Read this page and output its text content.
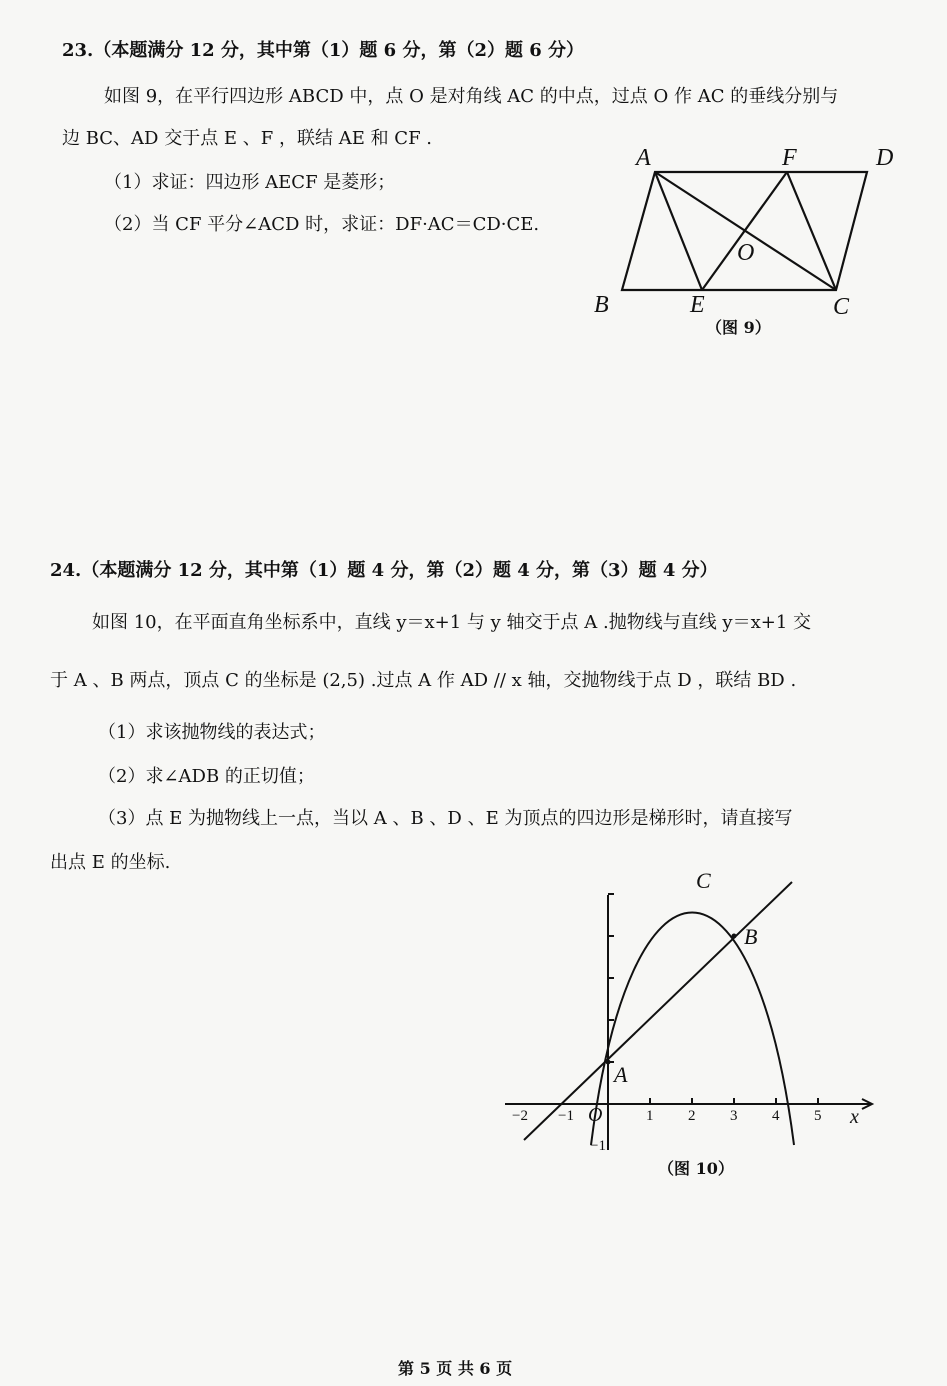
23.（本题满分 12 分，其中第（1）题 6 分，第（2）题 6 分）
如图 9，在平行四边形 ABCD 中，点 O 是对角线 AC 的中点，过点 O 作 AC 的垂线分别与
边 BC、AD 交于点 E 、F ，联结 AE 和 CF .
（1）求证：四边形 AECF 是菱形；
（2）当 CF 平分∠ACD 时，求证：DF·AC＝CD·CE.
A	F	D
O
B	E	C
（图 9）
24.（本题满分 12 分，其中第（1）题 4 分，第（2）题 4 分，第（3）题 4 分）
如图 10，在平面直角坐标系中，直线 y＝x+1 与 y 轴交于点 A .抛物线与直线 y＝x+1 交
于 A 、B 两点，顶点 C 的坐标是 (2,5) .过点 A 作 AD // x 轴，交抛物线于点 D ，联结 BD .
（1）求该抛物线的表达式；
（2）求∠ADB 的正切值；
（3）点 E 为抛物线上一点，当以 A 、B 、D 、E 为顶点的四边形是梯形时，请直接写
出点 E 的坐标.
C
B
A
O	x
−2 −1	1 2 3 4 5
−1
（图 10）
第 5 页 共 6 页
